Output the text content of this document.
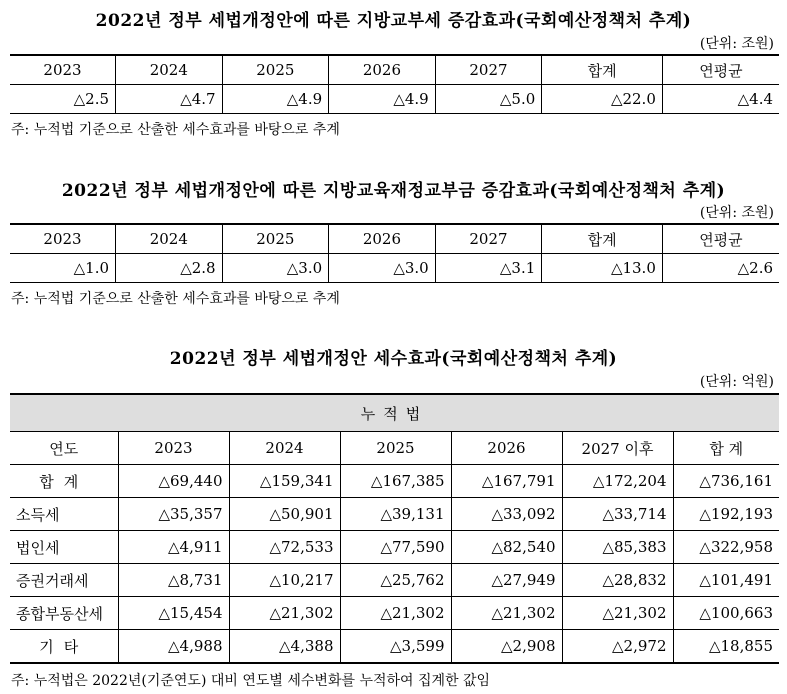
2022년 정부 세법개정안에 따른 지방교부세 증감효과(국회예산정책처 추계)
(단위: 조원)
2023	2024	2025	2026	2027	합계	연평균
△2.5	△4.7	△4.9	△4.9	△5.0	△22.0	△4.4
주: 누적법 기준으로 산출한 세수효과를 바탕으로 추계
2022년 정부 세법개정안에 따른 지방교육재정교부금 증감효과(국회예산정책처 추계)
(단위: 조원)
2023	2024	2025	2026	2027	합계	연평균
△1.0	△2.8	△3.0	△3.0	△3.1	△13.0	△2.6
주: 누적법 기준으로 산출한 세수효과를 바탕으로 추계
2022년 정부 세법개정안 세수효과(국회예산정책처 추계)
(단위: 억원)
누적법						
연도	2023	2024	2025	2026	2027 이후	합 계
합계	△69,440	△159,341	△167,385	△167,791	△172,204	△736,161
소득세	△35,357	△50,901	△39,131	△33,092	△33,714	△192,193
법인세	△4,911	△72,533	△77,590	△82,540	△85,383	△322,958
증권거래세	△8,731	△10,217	△25,762	△27,949	△28,832	△101,491
종합부동산세	△15,454	△21,302	△21,302	△21,302	△21,302	△100,663
기타	△4,988	△4,388	△3,599	△2,908	△2,972	△18,855
주: 누적법은 2022년(기준연도) 대비 연도별 세수변화를 누적하여 집계한 값임
